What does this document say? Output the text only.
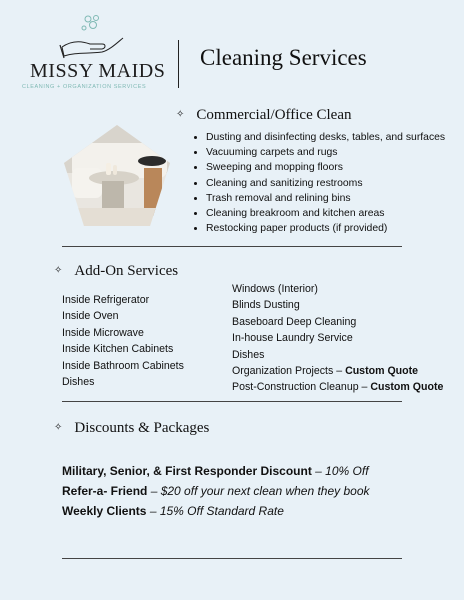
MISSY MAIDS
CLEANING + ORGANIZATION SERVICES
Cleaning Services
✧ Commercial/Office Clean
• Dusting and disinfecting desks, tables, and surfaces
• Vacuuming carpets and rugs
• Sweeping and mopping floors
• Cleaning and sanitizing restrooms
• Trash removal and relining bins
• Cleaning breakroom and kitchen areas
• Restocking paper products (if provided)
✧ Add-On Services
Inside Refrigerator
Inside Oven
Inside Microwave
Inside Kitchen Cabinets
Inside Bathroom Cabinets
Dishes
Windows (Interior)
Blinds Dusting
Baseboard Deep Cleaning
In-house Laundry Service
Dishes
Organization Projects – Custom Quote
Post-Construction Cleanup – Custom Quote
✧ Discounts & Packages
Military, Senior, & First Responder Discount – 10% Off
Refer-a- Friend – $20 off your next clean when they book
Weekly Clients – 15% Off Standard Rate
